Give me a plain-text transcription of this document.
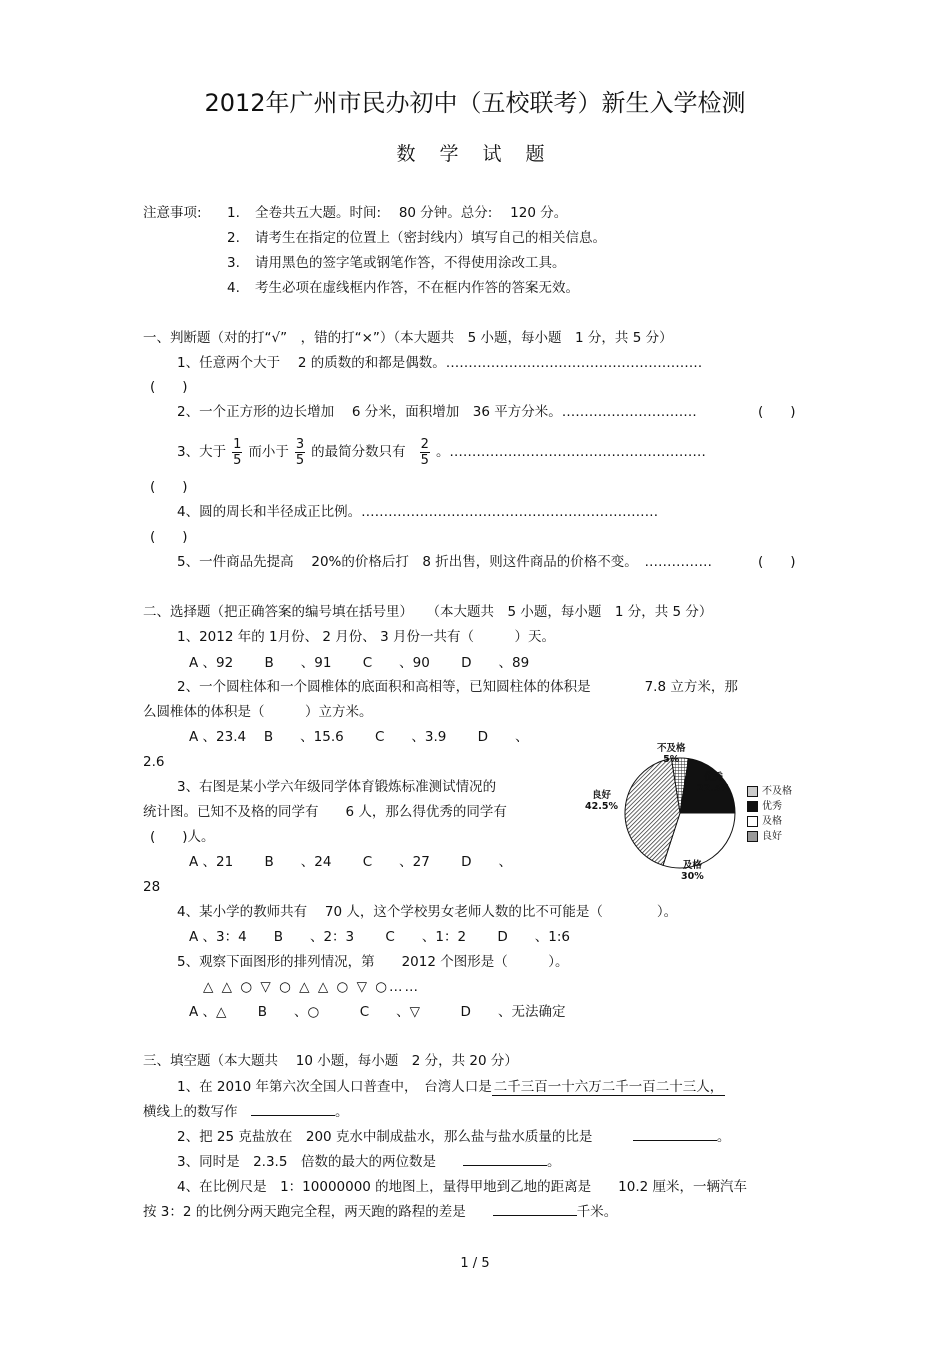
2012年广州市民办初中（五校联考）新生入学检测
数 学 试 题
注意事项: 1. 全卷共五大题。时间:　 80 分钟。总分:　 120 分。
2. 请考生在指定的位置上（密封线内）填写自己的相关信息。
3. 请用黑色的签字笔或钢笔作答，不得使用涂改工具。
4. 考生必项在虚线框内作答，不在框内作答的答案无效。
一、判断题（对的打“√”　，错的打“×”）（本大题共　5 小题，每小题　1 分，共 5 分）
1、任意两个大于　 2 的质数的和都是偶数。…………………………………………………
(　　)
2、一个正方形的边长增加　 6 分米，面积增加　36 平方分米。…………………………	(　　)
3、大于 $\frac{1}{5}$ 而小于 $\frac{3}{5}$ 的最简分数只有 $\frac{2}{5}$ 。…………………………………………………
(　　)
4、圆的周长和半径成正比例。…………………………………………………………
(　　)
5、一件商品先提高　 20%的价格后打　8 折出售，则这件商品的价格不变。　……………	(　　)
二、选择题（把正确答案的编号填在括号里）　　（本大题共　5 小题，每小题　1 分，共 5 分）
1、2012 年的 1月份、 2 月份、 3 月份一共有（　　　）天。
A 、92　　 B　　、91　　 C　　、90　　 D　　、89
2、一个圆柱体和一个圆椎体的底面积和高相等，已知圆柱体的体积是　　　　7.8 立方米，那
么圆椎体的体积是（　　　）立方米。
A 、23.4　 B　　、15.6　　 C　　、3.9　　 D　　、
2.6
3、右图是某小学六年级同学体育锻炼标准测试情况的
统计图。已知不及格的同学有　　6 人，那么得优秀的同学有
(　　)人。
A 、21　　 B　　、24　　 C　　、27　　 D　　、
28
不及格
5%
优秀
22.5%
良好
42.5%
及格
30%
不及格
优秀
及格
良好
4、某小学的教师共有　 70 人，这个学校男女老师人数的比不可能是（　　　　）。
A 、3：4　　B　　、2：3　　 C　　、1：2　　 D　　、1:6
5、观察下面图形的排列情况，第　　2012 个图形是（　　　）。
△ △ ○ ▽ ○ △ △ ○ ▽ ○……
A 、△　　 B　　、○　　　C　　、▽　　　D　　、无法确定
三、填空题（本大题共　 10 小题，每小题　2 分，共 20 分）
1、在 2010 年第六次全国人口普查中，　台湾人口是 二千三百一十六万二千一百二十三人，
横线上的数写作　	。
2、把 25 克盐放在　200 克水中制成盐水，那么盐与盐水质量的比是　　　	。
3、同时是　2.3.5　倍数的最大的两位数是　　	。
4、在比例尺是　1：10000000 的地图上，量得甲地到乙地的距离是　　10.2 厘米，一辆汽车
按 3：2 的比例分两天跑完全程，两天跑的路程的差是　　	千米。
1 / 5
